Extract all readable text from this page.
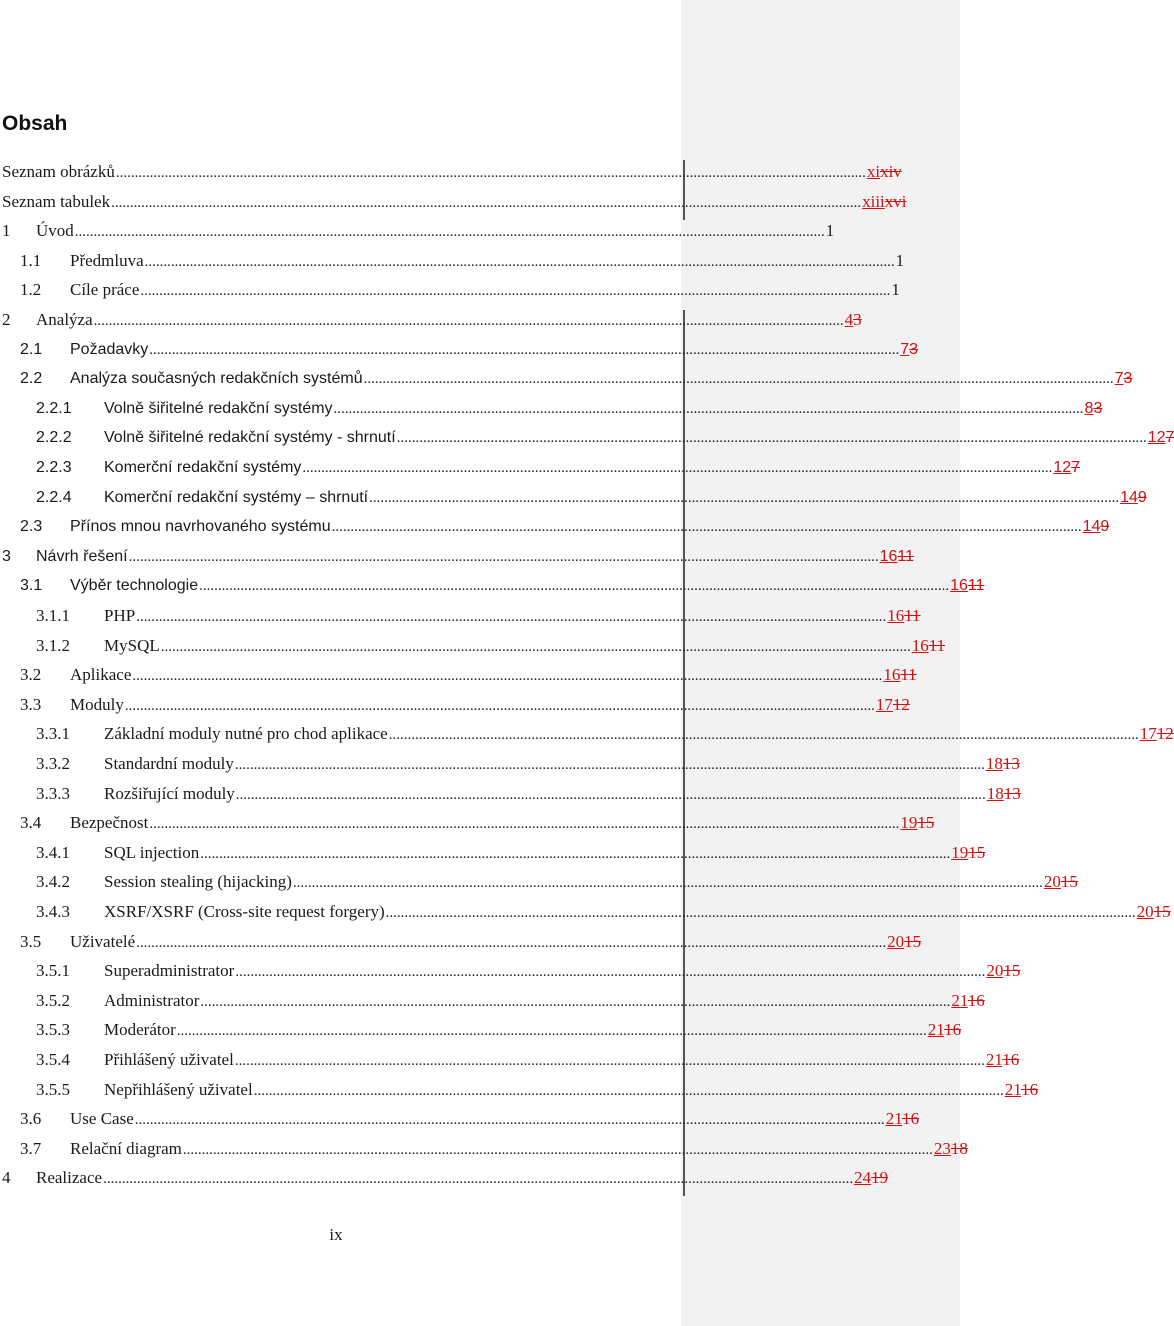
Obsah
Seznam obrázků ........................................................................................................................................................................................................ xixiv
Seznam tabulek ........................................................................................................................................................................................................ xiiixvi
1	Úvod ........................................................................................................................................................................................................ 1
1.1	Předmluva ........................................................................................................................................................................................................ 1
1.2	Cíle práce ........................................................................................................................................................................................................ 1
2	Analýza ........................................................................................................................................................................................................ 43
2.1	Požadavky ........................................................................................................................................................................................................ 73
2.2	Analýza současných redakčních systémů ........................................................................................................................................................................................................ 73
2.2.1	Volně šiřitelné redakční systémy ........................................................................................................................................................................................................ 83
2.2.2	Volně šiřitelné redakční systémy - shrnutí ........................................................................................................................................................................................................ 127
2.2.3	Komerční redakční systémy ........................................................................................................................................................................................................ 127
2.2.4	Komerční redakční systémy – shrnutí ........................................................................................................................................................................................................ 149
2.3	Přínos mnou navrhovaného systému ........................................................................................................................................................................................................ 149
3	Návrh řešení ........................................................................................................................................................................................................ 1611
3.1	Výběr technologie ........................................................................................................................................................................................................ 1611
3.1.1	PHP ........................................................................................................................................................................................................ 1611
3.1.2	MySQL ........................................................................................................................................................................................................ 1611
3.2	Aplikace ........................................................................................................................................................................................................ 1611
3.3	Moduly ........................................................................................................................................................................................................ 1712
3.3.1	Základní moduly nutné pro chod aplikace ........................................................................................................................................................................................................ 1712
3.3.2	Standardní moduly ........................................................................................................................................................................................................ 1813
3.3.3	Rozšiřující moduly ........................................................................................................................................................................................................ 1813
3.4	Bezpečnost ........................................................................................................................................................................................................ 1915
3.4.1	SQL injection ........................................................................................................................................................................................................ 1915
3.4.2	Session stealing (hijacking) ........................................................................................................................................................................................................ 2015
3.4.3	XSRF/XSRF (Cross-site request forgery) ........................................................................................................................................................................................................ 2015
3.5	Uživatelé ........................................................................................................................................................................................................ 2015
3.5.1	Superadministrator ........................................................................................................................................................................................................ 2015
3.5.2	Administrator ........................................................................................................................................................................................................ 2116
3.5.3	Moderátor ........................................................................................................................................................................................................ 2116
3.5.4	Přihlášený uživatel ........................................................................................................................................................................................................ 2116
3.5.5	Nepřihlášený uživatel ........................................................................................................................................................................................................ 2116
3.6	Use Case ........................................................................................................................................................................................................ 2116
3.7	Relační diagram ........................................................................................................................................................................................................ 2318
4	Realizace ........................................................................................................................................................................................................ 2419
ix
